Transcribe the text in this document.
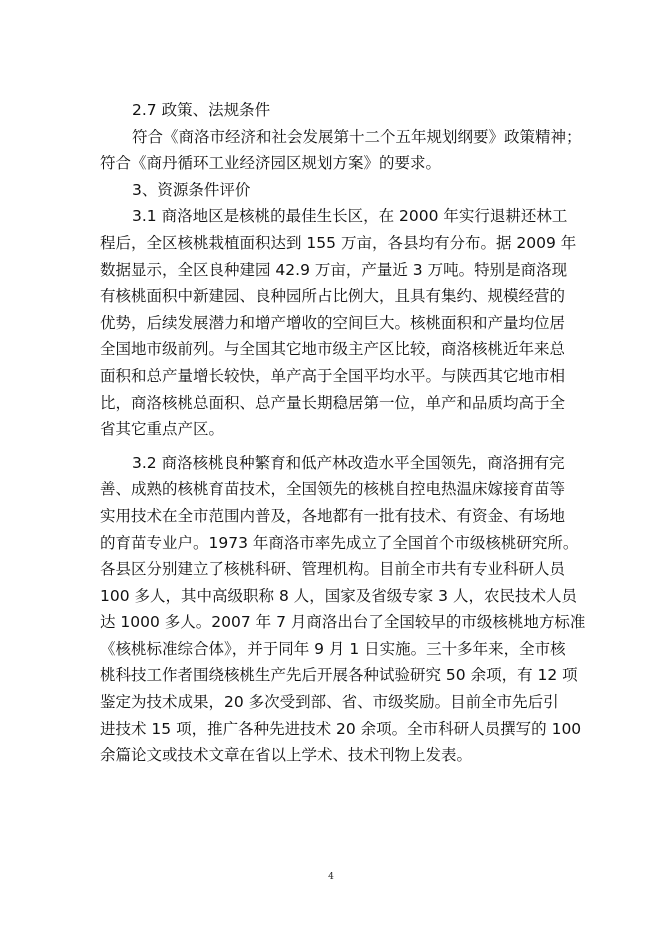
2.7 政策、法规条件
符合《商洛市经济和社会发展第十二个五年规划纲要》政策精神；
符合《商丹循环工业经济园区规划方案》的要求。
3、资源条件评价
3.1 商洛地区是核桃的最佳生长区，在 2000 年实行退耕还林工
程后，全区核桃栽植面积达到 155 万亩，各县均有分布。据 2009 年
数据显示，全区良种建园 42.9 万亩，产量近 3 万吨。特别是商洛现
有核桃面积中新建园、良种园所占比例大，且具有集约、规模经营的
优势，后续发展潜力和增产增收的空间巨大。核桃面积和产量均位居
全国地市级前列。与全国其它地市级主产区比较，商洛核桃近年来总
面积和总产量增长较快，单产高于全国平均水平。与陕西其它地市相
比，商洛核桃总面积、总产量长期稳居第一位，单产和品质均高于全
省其它重点产区。
3.2 商洛核桃良种繁育和低产林改造水平全国领先，商洛拥有完
善、成熟的核桃育苗技术，全国领先的核桃自控电热温床嫁接育苗等
实用技术在全市范围内普及，各地都有一批有技术、有资金、有场地
的育苗专业户。1973 年商洛市率先成立了全国首个市级核桃研究所。
各县区分别建立了核桃科研、管理机构。目前全市共有专业科研人员
100 多人，其中高级职称 8 人，国家及省级专家 3 人，农民技术人员
达 1000 多人。2007 年 7 月商洛出台了全国较早的市级核桃地方标准
《核桃标准综合体》，并于同年 9 月 1 日实施。三十多年来，全市核
桃科技工作者围绕核桃生产先后开展各种试验研究 50 余项，有 12 项
鉴定为技术成果，20 多次受到部、省、市级奖励。目前全市先后引
进技术 15 项，推广各种先进技术 20 余项。全市科研人员撰写的 100
余篇论文或技术文章在省以上学术、技术刊物上发表。
4
